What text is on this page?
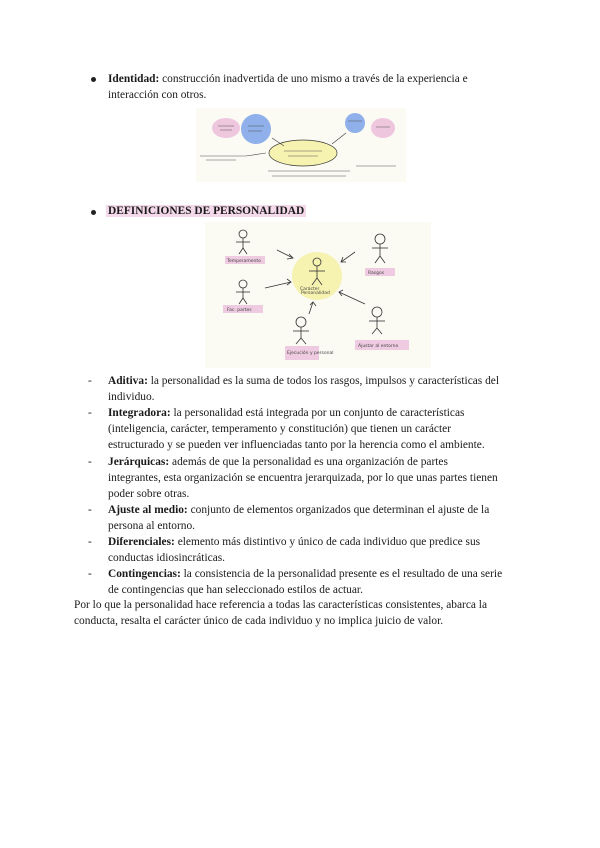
Identidad: construcción inadvertida de uno mismo a través de la experiencia e
interacción con otros.
DEFINICIONES DE PERSONALIDAD
Temperamento
Rasgos
Carácter
Personalidad
Fac. partes
Ejecución y personal
Ajustar al entorno
- Aditiva: la personalidad es la suma de todos los rasgos, impulsos y características del
individuo.
- Integradora: la personalidad está integrada por un conjunto de características
(inteligencia, carácter, temperamento y constitución) que tienen un carácter
estructurado y se pueden ver influenciadas tanto por la herencia como el ambiente.
- Jerárquicas: además de que la personalidad es una organización de partes
integrantes, esta organización se encuentra jerarquizada, por lo que unas partes tienen
poder sobre otras.
- Ajuste al medio: conjunto de elementos organizados que determinan el ajuste de la
persona al entorno.
- Diferenciales: elemento más distintivo y único de cada individuo que predice sus
conductas idiosincráticas.
- Contingencias: la consistencia de la personalidad presente es el resultado de una serie
de contingencias que han seleccionado estilos de actuar.
Por lo que la personalidad hace referencia a todas las características consistentes, abarca la
conducta, resalta el carácter único de cada individuo y no implica juicio de valor.
